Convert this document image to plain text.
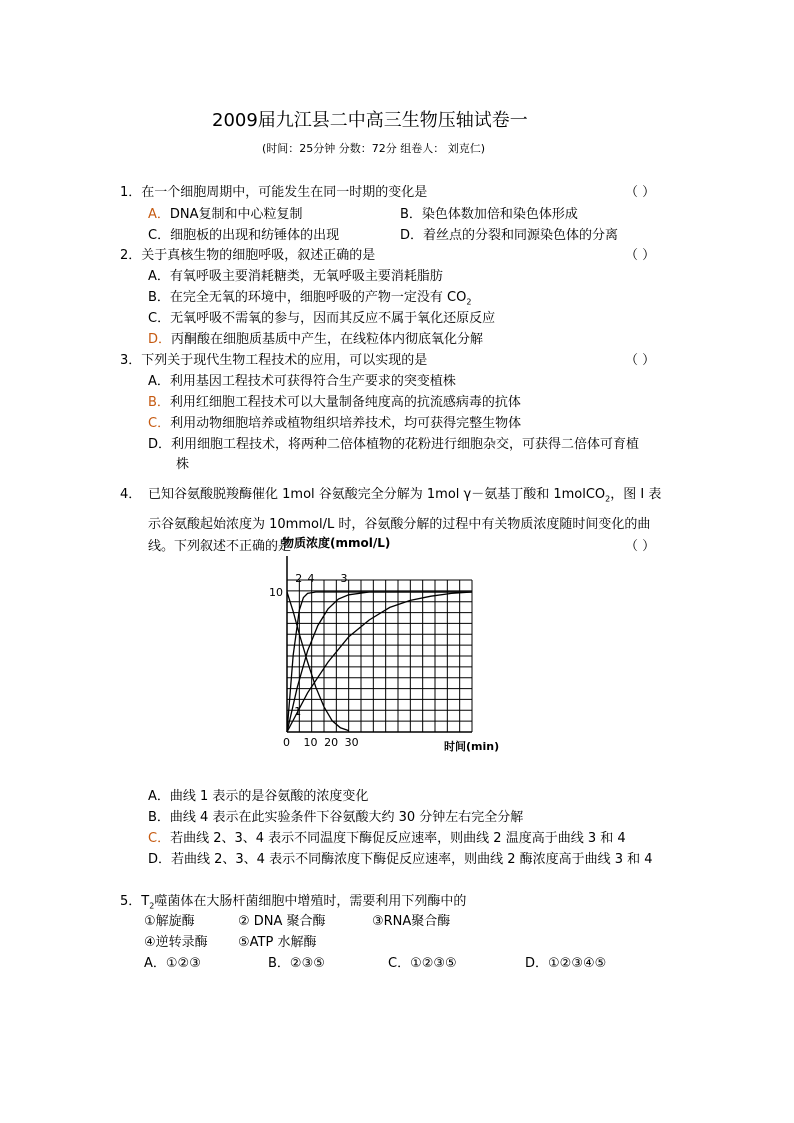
2009届九江县二中高三生物压轴试卷一
(时间：25分钟 分数：72分 组卷人： 刘克仁)
1．在一个细胞周期中，可能发生在同一时期的变化是	（ ）
A．DNA复制和中心粒复制	B．染色体数加倍和染色体形成
C．细胞板的出现和纺锤体的出现	D．着丝点的分裂和同源染色体的分离
2．关于真核生物的细胞呼吸，叙述正确的是	（ ）
A．有氧呼吸主要消耗糖类，无氧呼吸主要消耗脂肪
B．在完全无氧的环境中，细胞呼吸的产物一定没有 $CO_2$
C．无氧呼吸不需氧的参与，因而其反应不属于氧化还原反应
D．丙酮酸在细胞质基质中产生，在线粒体内彻底氧化分解
3．下列关于现代生物工程技术的应用，可以实现的是	（ ）
A．利用基因工程技术可获得符合生产要求的突变植株
B．利用红细胞工程技术可以大量制备纯度高的抗流感病毒的抗体
C．利用动物细胞培养或植物组织培养技术，均可获得完整生物体
D．利用细胞工程技术，将两种二倍体植物的花粉进行细胞杂交，可获得二倍体可育植
株
4． 已知谷氨酸脱羧酶催化 1mol 谷氨酸完全分解为 1mol γ－氨基丁酸和 1molCO$_2$，图 I 表
示谷氨酸起始浓度为 10mmol/L 时，谷氨酸分解的过程中有关物质浓度随时间变化的曲
线。下列叙述不正确的是	（ ）
物质浓度(mmol/L)
1
2 4 3
0 10 20 30
10
时间(min)
A．曲线 1 表示的是谷氨酸的浓度变化
B．曲线 4 表示在此实验条件下谷氨酸大约 30 分钟左右完全分解
C．若曲线 2、3、4 表示不同温度下酶促反应速率，则曲线 2 温度高于曲线 3 和 4
D．若曲线 2、3、4 表示不同酶浓度下酶促反应速率，则曲线 2 酶浓度高于曲线 3 和 4
5．$T_2$噬菌体在大肠杆菌细胞中增殖时，需要利用下列酶中的
①解旋酶	② DNA 聚合酶	③RNA聚合酶
④逆转录酶 ⑤ATP 水解酶
A．①②③	B．②③⑤	C．①②③⑤	D．①②③④⑤
